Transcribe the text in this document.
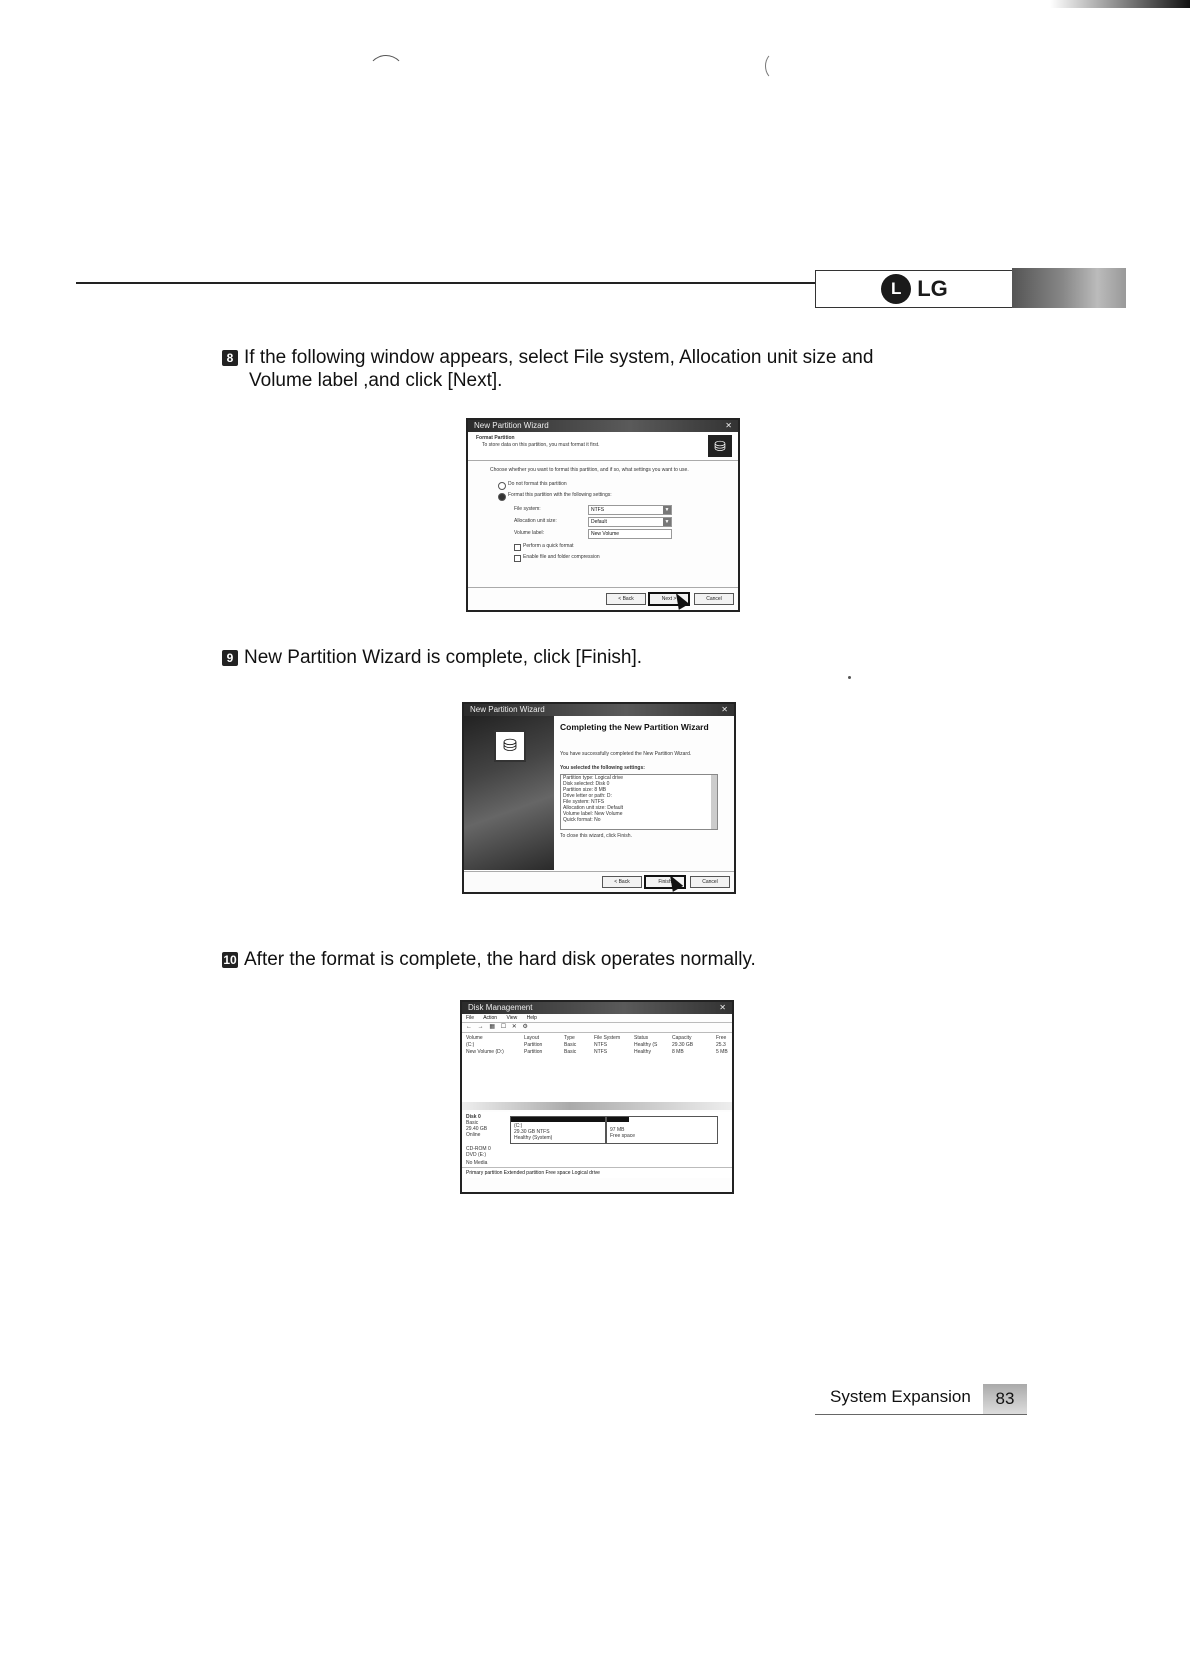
L LG
8 If the following window appears, select File system, Allocation unit size and
Volume label ,and click [Next].
New Partition Wizard	✕
Format Partition
To store data on this partition, you must format it first.	⛁
Choose whether you want to format this partition, and if so, what settings you want to use.
Do not format this partition
Format this partition with the following settings:
File system:	NTFS	▼
Allocation unit size:	Default	▼
Volume label:	New Volume
Perform a quick format
Enable file and folder compression
< Back	Next >	Cancel
9 New Partition Wizard is complete, click [Finish].
New Partition Wizard	✕
⛁
Completing the New Partition Wizard
You have successfully completed the New Partition Wizard.
You selected the following settings:
Partition type: Logical drive
Disk selected: Disk 0
Partition size: 8 MB
Drive letter or path: D:
File system: NTFS
Allocation unit size: Default
Volume label: New Volume
Quick format: No
To close this wizard, click Finish.
< Back	Finish	Cancel
10 After the format is complete, the hard disk operates normally.
Disk Management	✕
File Action View Help
← → ▦ ☐ ✕ ⚙
Volume	Layout	Type	File System	Status	Capacity	Free
(C:)	Partition	Basic	NTFS	Healthy (S	29.30 GB	25.3
New Volume (D:)	Partition	Basic	NTFS	Healthy	8 MB	5 MB
Disk 0
Basic
29.40 GB
Online
(C:)
29.30 GB NTFS
Healthy (System)
97 MB
Free space
CD-ROM 0
DVD (E:)
No Media
Primary partition Extended partition Free space Logical drive
System Expansion	83
